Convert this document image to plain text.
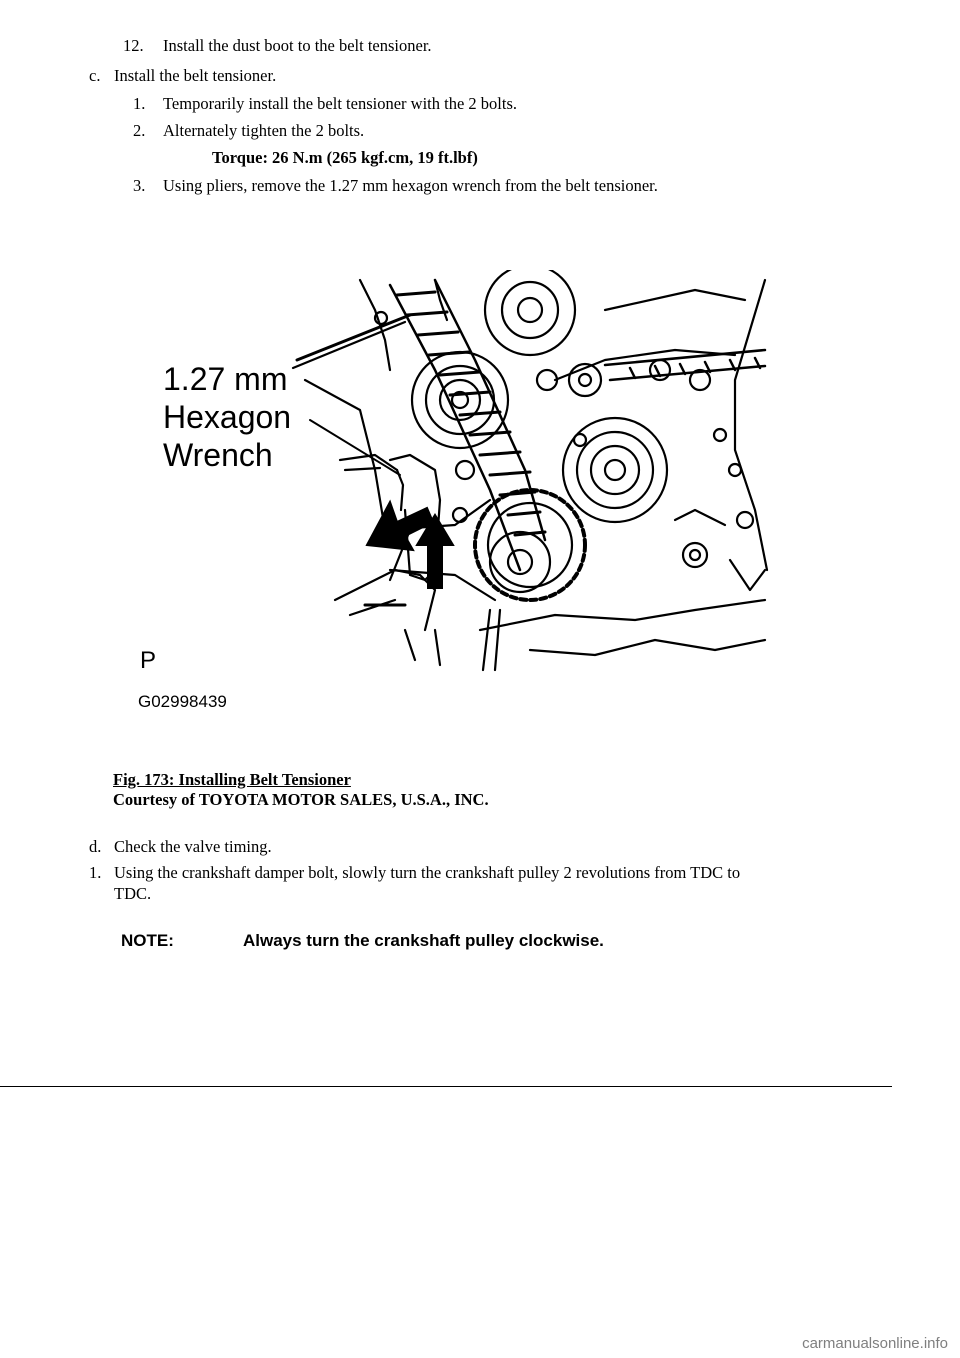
12. Install the dust boot to the belt tensioner.
c. Install the belt tensioner.
1. Temporarily install the belt tensioner with the 2 bolts.
2. Alternately tighten the 2 bolts.
Torque: 26 N.m (265 kgf.cm, 19 ft.lbf)
3. Using pliers, remove the 1.27 mm hexagon wrench from the belt tensioner.
1.27 mm
Hexagon
Wrench
P
G02998439
Fig. 173: Installing Belt Tensioner
Courtesy of TOYOTA MOTOR SALES, U.S.A., INC.
d. Check the valve timing.
1. Using the crankshaft damper bolt, slowly turn the crankshaft pulley 2 revolutions from TDC to
TDC.
NOTE:	Always turn the crankshaft pulley clockwise.
carmanualsonline.info
